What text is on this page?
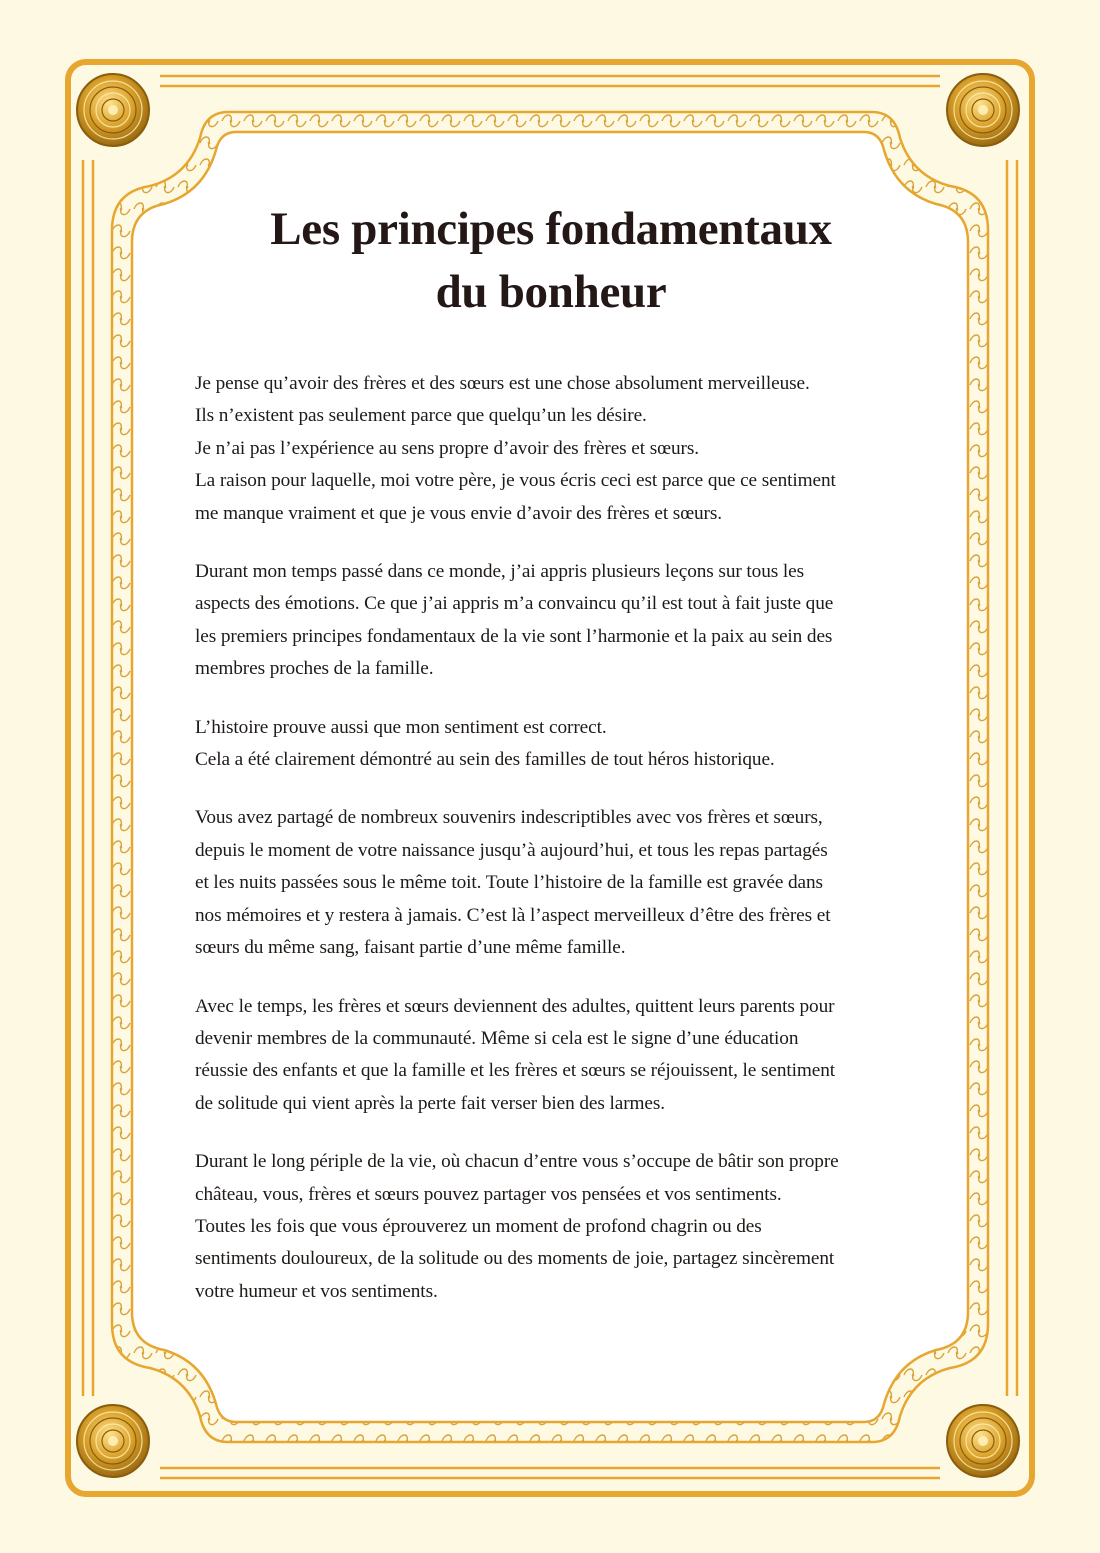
Les principes fondamentaux
du bonheur
Je pense qu’avoir des frères et des sœurs est une chose absolument merveilleuse.
Ils n’existent pas seulement parce que quelqu’un les désire.
Je n’ai pas l’expérience au sens propre d’avoir des frères et sœurs.
La raison pour laquelle, moi votre père, je vous écris ceci est parce que ce sentiment
me manque vraiment et que je vous envie d’avoir des frères et sœurs.
Durant mon temps passé dans ce monde, j’ai appris plusieurs leçons sur tous les
aspects des émotions. Ce que j’ai appris m’a convaincu qu’il est tout à fait juste que
les premiers principes fondamentaux de la vie sont l’harmonie et la paix au sein des
membres proches de la famille.
L’histoire prouve aussi que mon sentiment est correct.
Cela a été clairement démontré au sein des familles de tout héros historique.
Vous avez partagé de nombreux souvenirs indescriptibles avec vos frères et sœurs,
depuis le moment de votre naissance jusqu’à aujourd’hui, et tous les repas partagés
et les nuits passées sous le même toit. Toute l’histoire de la famille est gravée dans
nos mémoires et y restera à jamais. C’est là l’aspect merveilleux d’être des frères et
sœurs du même sang, faisant partie d’une même famille.
Avec le temps, les frères et sœurs deviennent des adultes, quittent leurs parents pour
devenir membres de la communauté. Même si cela est le signe d’une éducation
réussie des enfants et que la famille et les frères et sœurs se réjouissent, le sentiment
de solitude qui vient après la perte fait verser bien des larmes.
Durant le long périple de la vie, où chacun d’entre vous s’occupe de bâtir son propre
château, vous, frères et sœurs pouvez partager vos pensées et vos sentiments.
Toutes les fois que vous éprouverez un moment de profond chagrin ou des
sentiments douloureux, de la solitude ou des moments de joie, partagez sincèrement
votre humeur et vos sentiments.
